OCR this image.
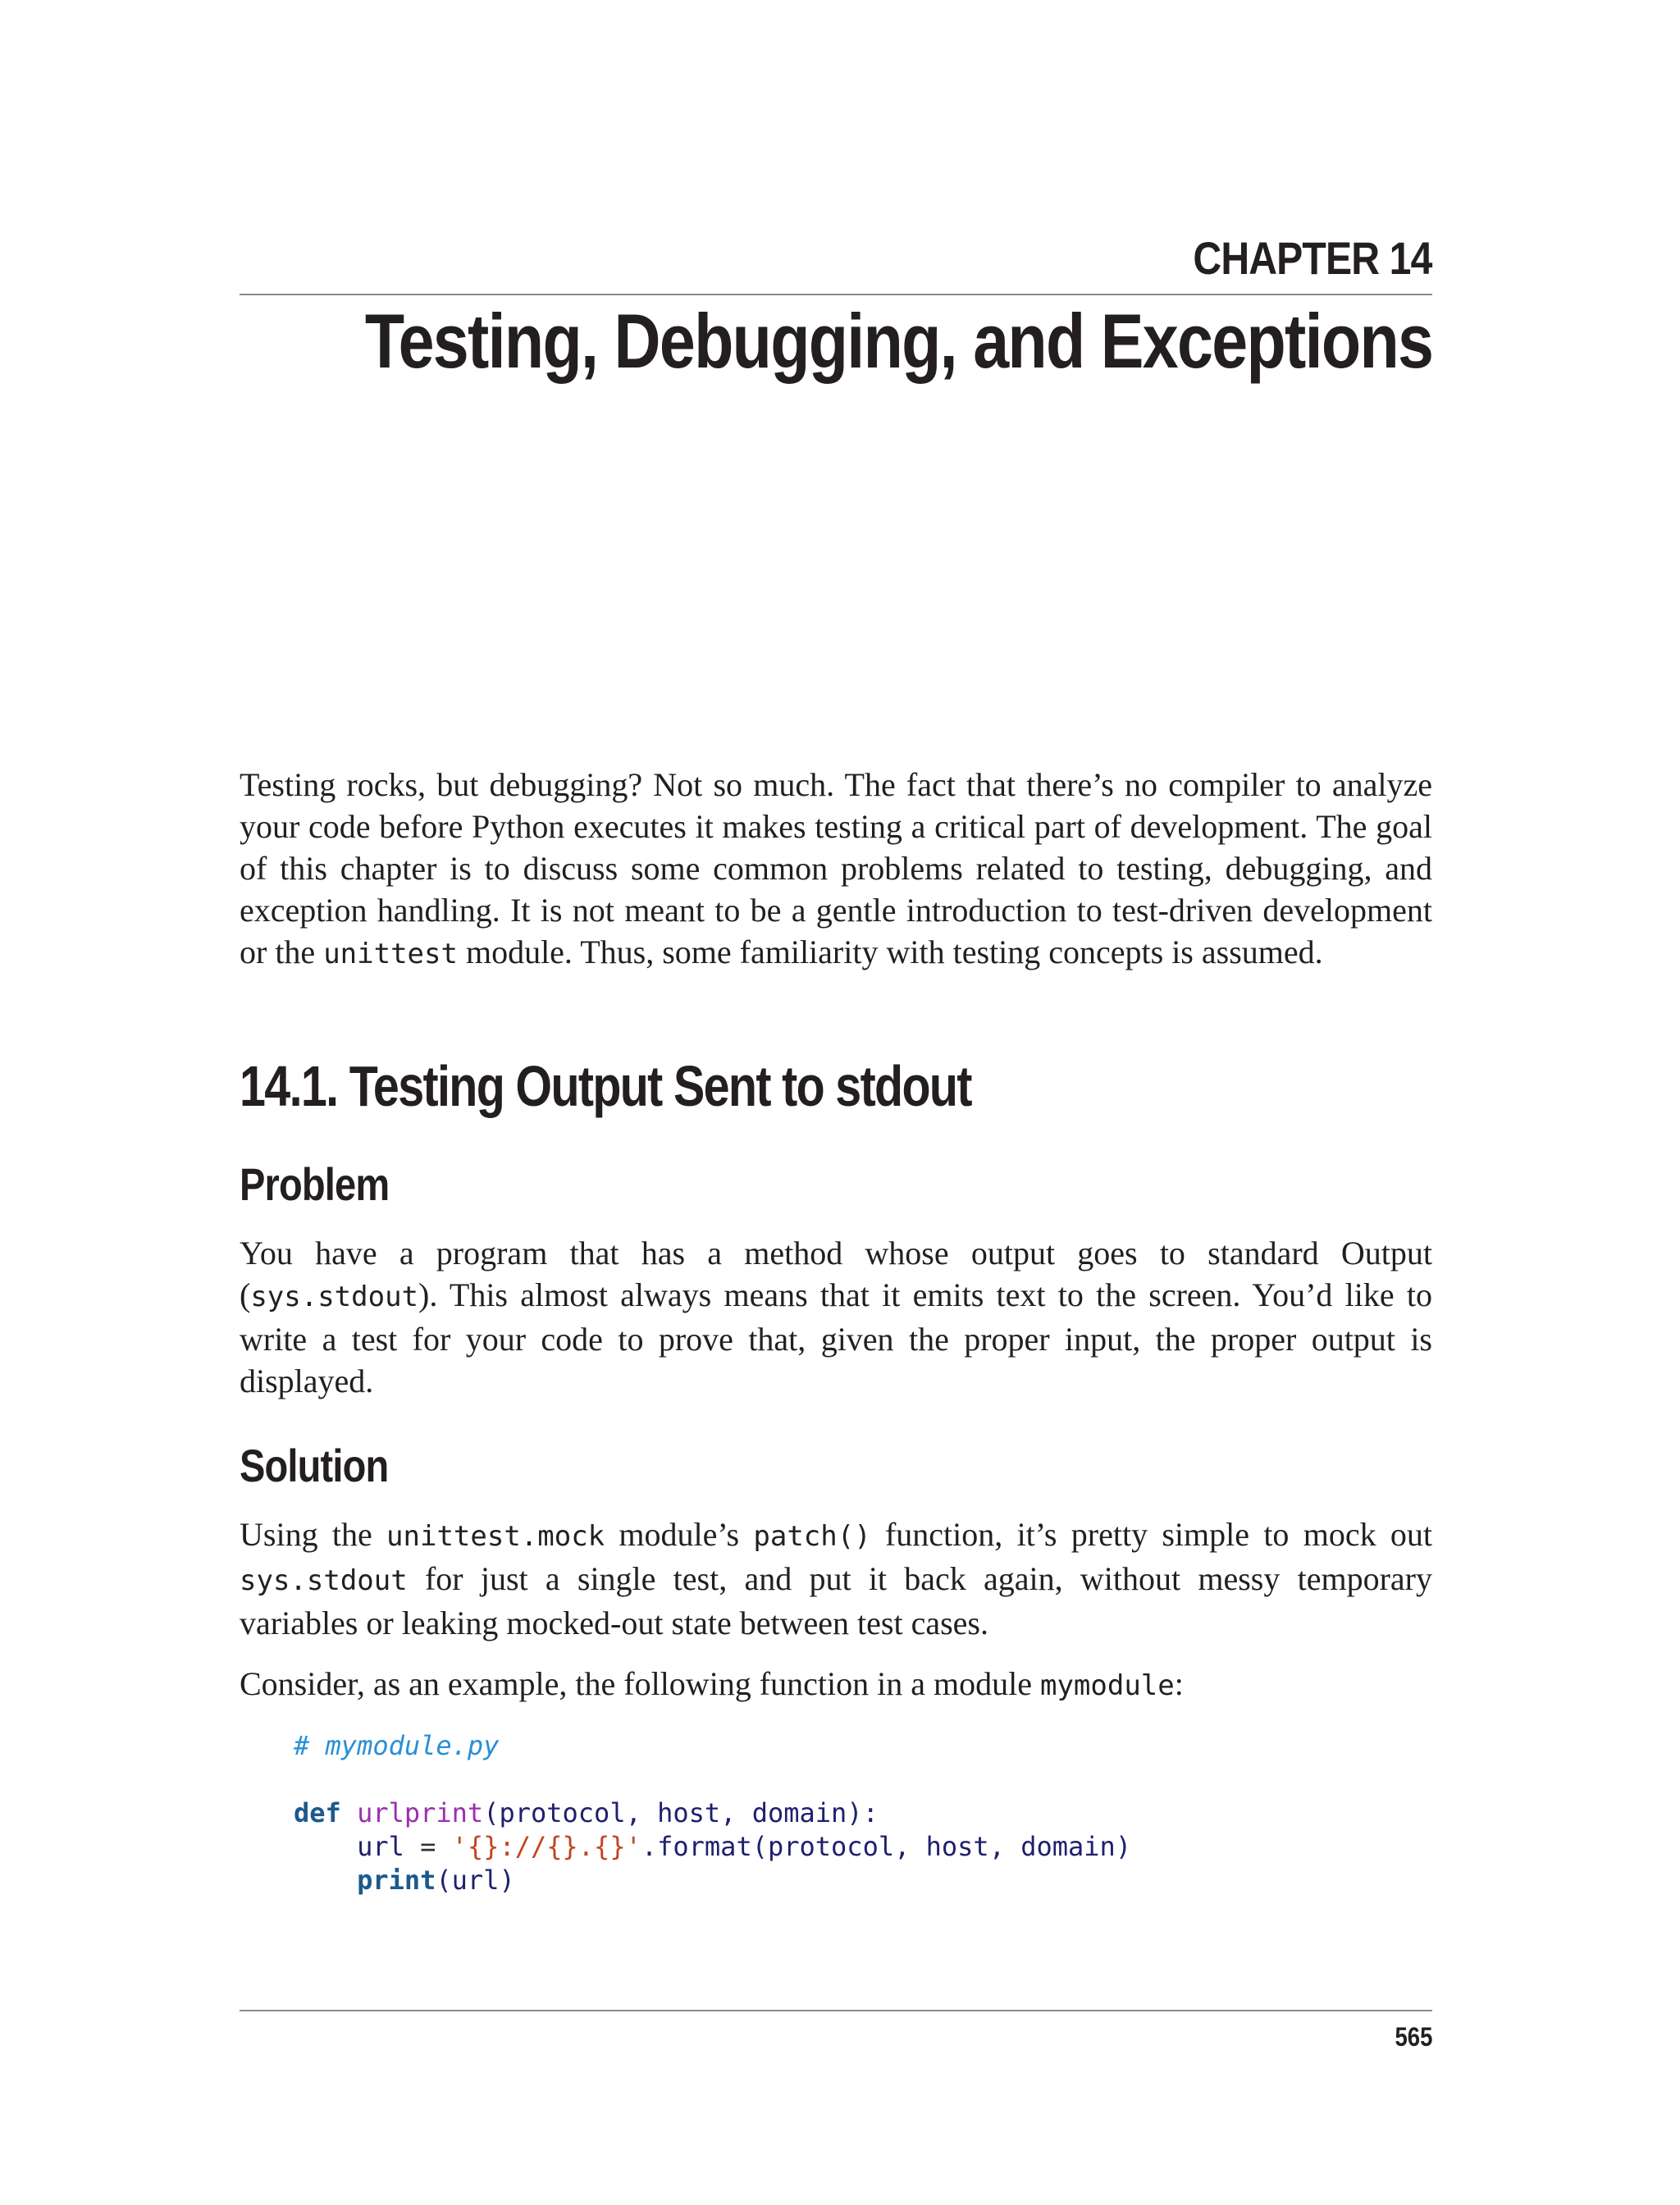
CHAPTER 14
Testing, Debugging, and Exceptions

Testing rocks, but debugging? Not so much. The fact that there’s no compiler to analyze your code before Python executes it makes testing a critical part of development. The goal of this chapter is to discuss some common problems related to testing, debugging, and exception handling. It is not meant to be a gentle introduction to test-driven development or the unittest module. Thus, some familiarity with testing concepts is assumed.

14.1. Testing Output Sent to stdout
Problem

You have a program that has a method whose output goes to standard Output (sys.stdout). This almost always means that it emits text to the screen. You’d like to write a test for your code to prove that, given the proper input, the proper output is displayed.

Solution

Using the unittest.mock module’s patch() function, it’s pretty simple to mock out sys.stdout for just a single test, and put it back again, without messy temporary variables or leaking mocked-out state between test cases.

Consider, as an example, the following function in a module mymodule:

# mymodule.py
def urlprint(protocol, host, domain):
url = '{}://{}.{}'.format(protocol, host, domain)
print(url)
565
